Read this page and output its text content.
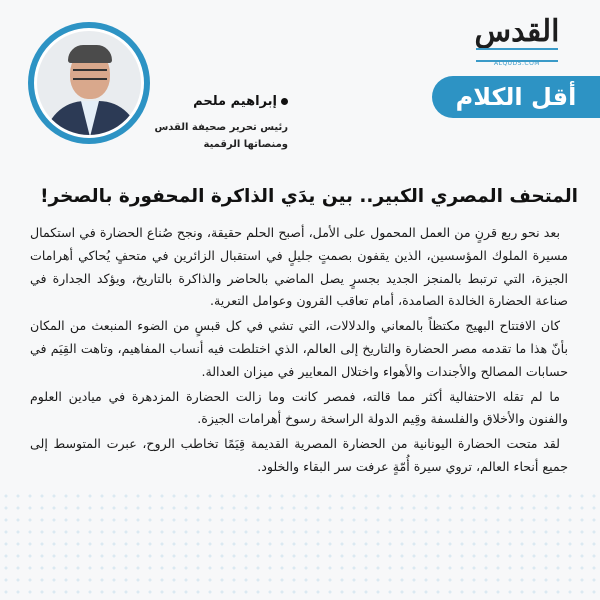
القدس
ALQUDS.COM
أقل الكلام
إبراهيم ملحم
رئيس تحرير صحيفة القدس
ومنصاتها الرقمية
المتحف المصري الكبير.. بين يدَي الذاكرة المحفورة بالصخر!

بعد نحو ربع قرنٍ من العمل المحمول على الأمل، أصبح الحلم حقيقة، ونجح صُناع الحضارة في استكمال مسيرة الملوك المؤسسين، الذين يقفون بصمتٍ جليلٍ في استقبال الزائرين في متحفٍ يُحاكي أهرامات الجيزة، التي ترتبط بالمنجز الجديد بجسرٍ يصل الماضي بالحاضر والذاكرة بالتاريخ، ويؤكد الجدارة في صناعة الحضارة الخالدة الصامدة، أمام تعاقب القرون وعوامل التعرية.

كان الافتتاح البهيج مكتظاً بالمعاني والدلالات، التي تشي في كل قبسٍ من الضوء المنبعث من المكان بأنّ هذا ما تقدمه مصر الحضارة والتاريخ إلى العالم، الذي اختلطت فيه أنساب المفاهيم، وتاهت القِيَم في حسابات المصالح والأجندات والأهواء واختلال المعايير في ميزان العدالة.

ما لم تقله الاحتفالية أكثر مما قالته، فمصر كانت وما زالت الحضارة المزدهرة في ميادين العلوم والفنون والأخلاق والفلسفة وقِيم الدولة الراسخة رسوخ أهرامات الجيزة.

لقد متحت الحضارة اليونانية من الحضارة المصرية القديمة قِيَمًا تخاطب الروح، عبرت المتوسط إلى جميع أنحاء العالم، تروي سيرة أُمّةٍ عرفت سر البقاء والخلود.
